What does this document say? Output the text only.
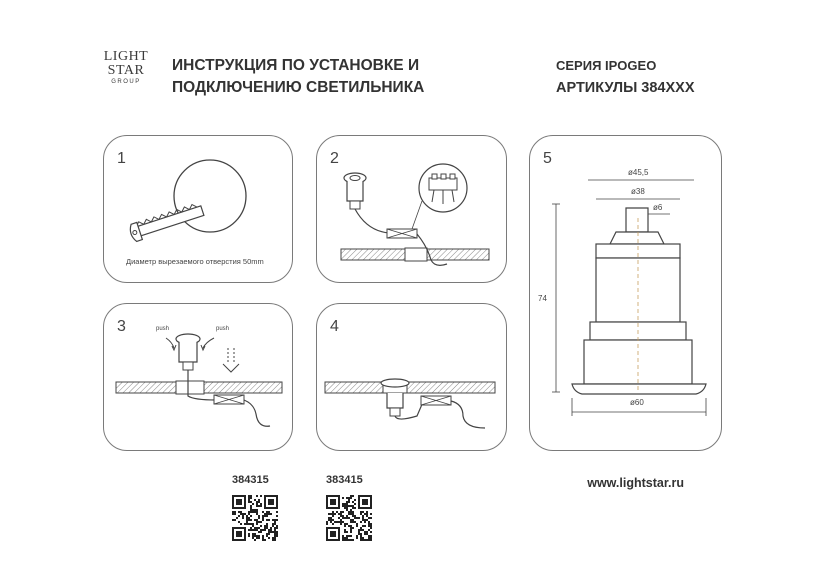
LIGHT
STAR
GROUP
ИНСТРУКЦИЯ ПО УСТАНОВКЕ И
ПОДКЛЮЧЕНИЮ СВЕТИЛЬНИКА
СЕРИЯ IPOGEO
АРТИКУЛЫ 384XXX
1
Диаметр вырезаемого отверстия 50mm
2
3	push	push	4
5
ø45,5
ø38
ø6
74
ø60
384315	383415	www.lightstar.ru
